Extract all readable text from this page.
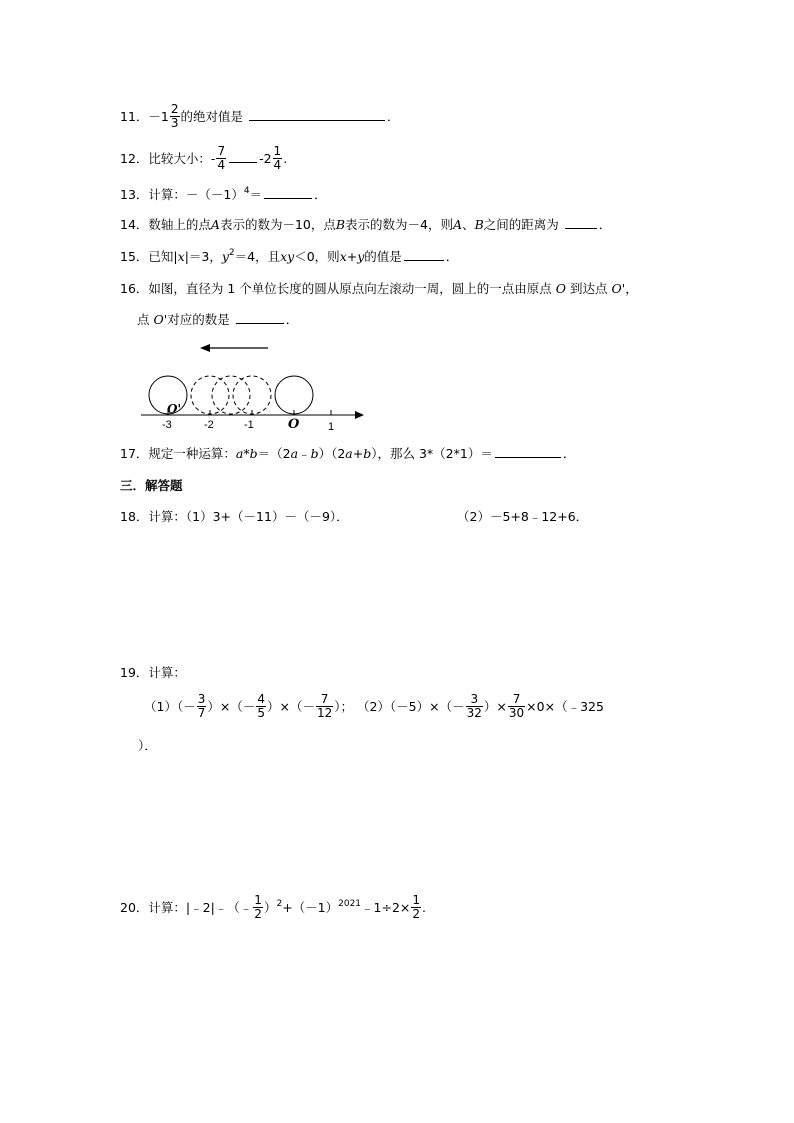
11．$-1 \frac{2}{3}$ 的绝对值是	．
12．比较大小：- $\frac{7}{4}$	$-2 \frac{1}{4}$ .
13．计算：$-(-1)^4=$	．
14．数轴上的点A表示的数为－10，点B表示的数为－4，则A、B之间的距离为	．
15．已知|x|＝3，$y^2=4$，且xy＜0，则x+y的值是	．
16．如图，直径为 1 个单位长度的圆从原点向左滚动一周，圆上的一点由原点 O 到达点 O'，
点 O'对应的数是	．
-3	-2	-1	O	1
O'
17．规定一种运算：a*b＝（2a﹣b）（2a+b），那么 3*（2*1）＝	．
三．解答题
18．计算：（1）3+（－11）－（－9）．	（2）－5+8﹣12+6．
19．计算：
$(1)(- \frac{3}{7}$ ）×（－ $\frac{4}{5}$ ）×（－ $\frac{7}{12}$ ）； $(2)(-5)\times(- \frac{3}{32}$ ）× $\frac{7}{30}$ ×0×（﹣325
）．
20．计算：|﹣2|﹣（﹣ $\frac{1}{2}$ ）$^2+(-1)^{2021}﹣1\div 2\times \frac{1}{2}$ .
